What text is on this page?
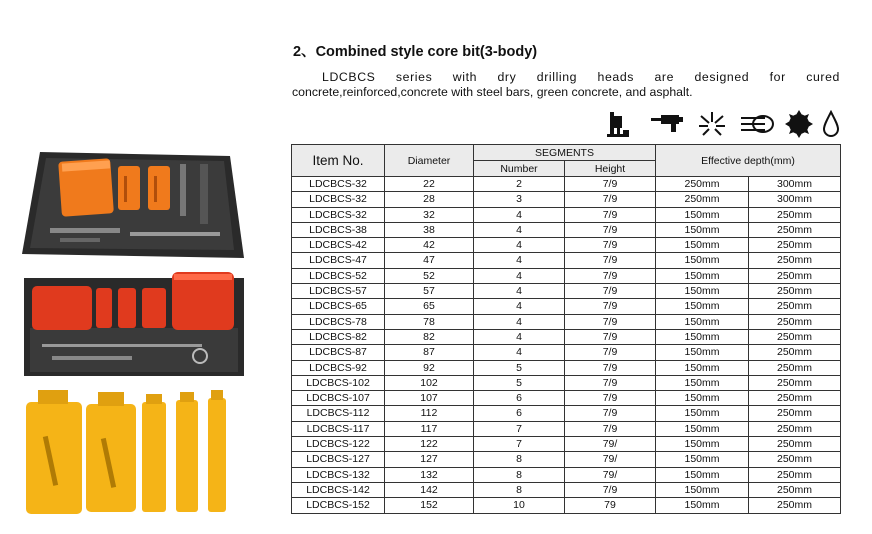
2、Combined style core bit(3-body)
LDCBCS series with dry drilling heads are designed for cured
concrete,reinforced,concrete with steel bars, green concrete, and asphalt.
Item No.	Diameter	SEGMENTS		Effective depth(mm)	
		Number	Height		
LDCBCS-32	22	2	7/9	250mm	300mm
LDCBCS-32	28	3	7/9	250mm	300mm
LDCBCS-32	32	4	7/9	150mm	250mm
LDCBCS-38	38	4	7/9	150mm	250mm
LDCBCS-42	42	4	7/9	150mm	250mm
LDCBCS-47	47	4	7/9	150mm	250mm
LDCBCS-52	52	4	7/9	150mm	250mm
LDCBCS-57	57	4	7/9	150mm	250mm
LDCBCS-65	65	4	7/9	150mm	250mm
LDCBCS-78	78	4	7/9	150mm	250mm
LDCBCS-82	82	4	7/9	150mm	250mm
LDCBCS-87	87	4	7/9	150mm	250mm
LDCBCS-92	92	5	7/9	150mm	250mm
LDCBCS-102	102	5	7/9	150mm	250mm
LDCBCS-107	107	6	7/9	150mm	250mm
LDCBCS-112	112	6	7/9	150mm	250mm
LDCBCS-117	117	7	7/9	150mm	250mm
LDCBCS-122	122	7	79/	150mm	250mm
LDCBCS-127	127	8	79/	150mm	250mm
LDCBCS-132	132	8	79/	150mm	250mm
LDCBCS-142	142	8	7/9	150mm	250mm
LDCBCS-152	152	10	79	150mm	250mm
